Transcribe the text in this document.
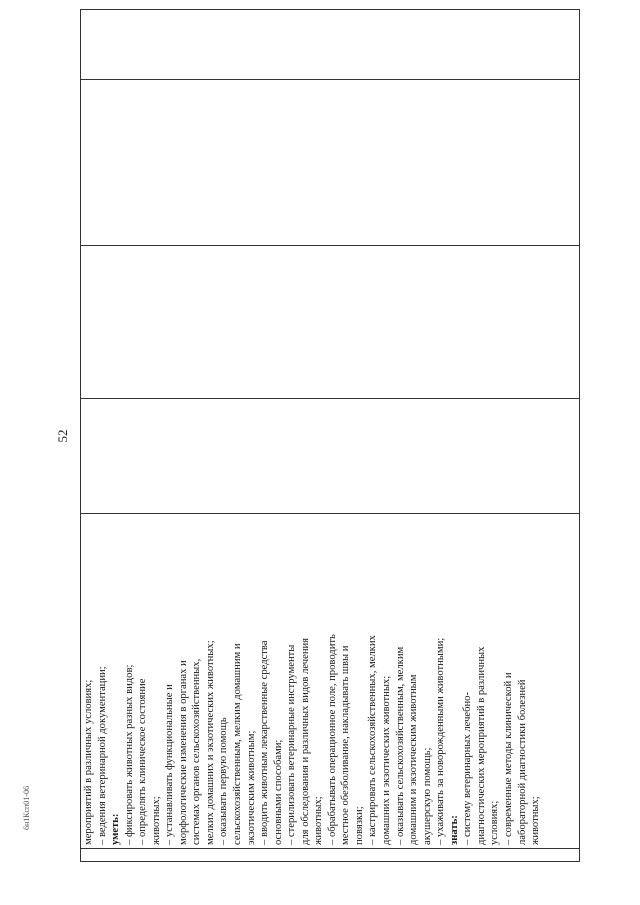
52

мероприятий в различных условиях; – ведения ветеринарной документации; уметь: – фиксировать животных разных видов; – определять клиническое состояние животных; – устанавливать функциональные и морфологические изменения в органах и системах органов сельскохозяйственных, мелких домашних и экзотических животных; – оказывать первую помощь сельскохозяйственным, мелким домашним и экзотическим животным; – вводить животным лекарственные средства основными способами; – стерилизовать ветеринарные инструменты для обследования и различных видов лечения животных; – обрабатывать операционное поле, проводить местное обезболивание, накладывать швы и повязки; – кастрировать сельскохозяйственных, мелких домашних и экзотических животных; – оказывать сельскохозяйственным, мелким домашним и экзотическим животным акушерскую помощь; – ухаживать за новорожденными животными; знать: – систему ветеринарных лечебно- диагностических мероприятий в различных условиях; – современные методы клинической и лабораторной диагностики болезней животных;

6н1Ксп01-06
